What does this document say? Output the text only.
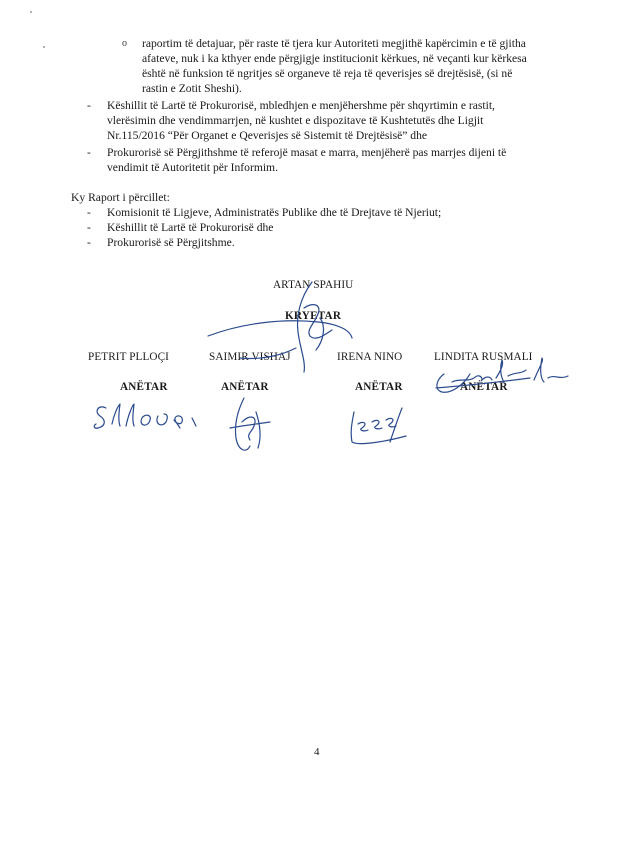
o raportim të detajuar, për raste të tjera kur Autoriteti megjithë kapërcimin e të gjitha
afateve, nuk i ka kthyer ende përgjigje institucionit kërkues, në veçanti kur kërkesa
është në funksion të ngritjes së organeve të reja të qeverisjes së drejtësisë, (si në
rastin e Zotit Sheshi).
- Këshillit të Lartë të Prokurorisë, mbledhjen e menjëhershme për shqyrtimin e rastit,
vlerësimin dhe vendimmarrjen, në kushtet e dispozitave të Kushtetutës dhe Ligjit
Nr.115/2016 “Për Organet e Qeverisjes së Sistemit të Drejtësisë” dhe
- Prokurorisë së Përgjithshme të referojë masat e marra, menjëherë pas marrjes dijeni të
vendimit të Autoritetit për Informim.
Ky Raport i përcillet:
- Komisionit të Ligjeve, Administratës Publike dhe të Drejtave të Njeriut;
- Këshillit të Lartë të Prokurorisë dhe
- Prokurorisë së Përgjitshme.
ARTAN SPAHIU
KRYETAR
PETRIT PLLOÇI	SAIMIR VISHAJ	IRENA NINO	LINDITA RUSMALI
ANËTAR	ANËTAR	ANËTAR	ANËTAR
4
